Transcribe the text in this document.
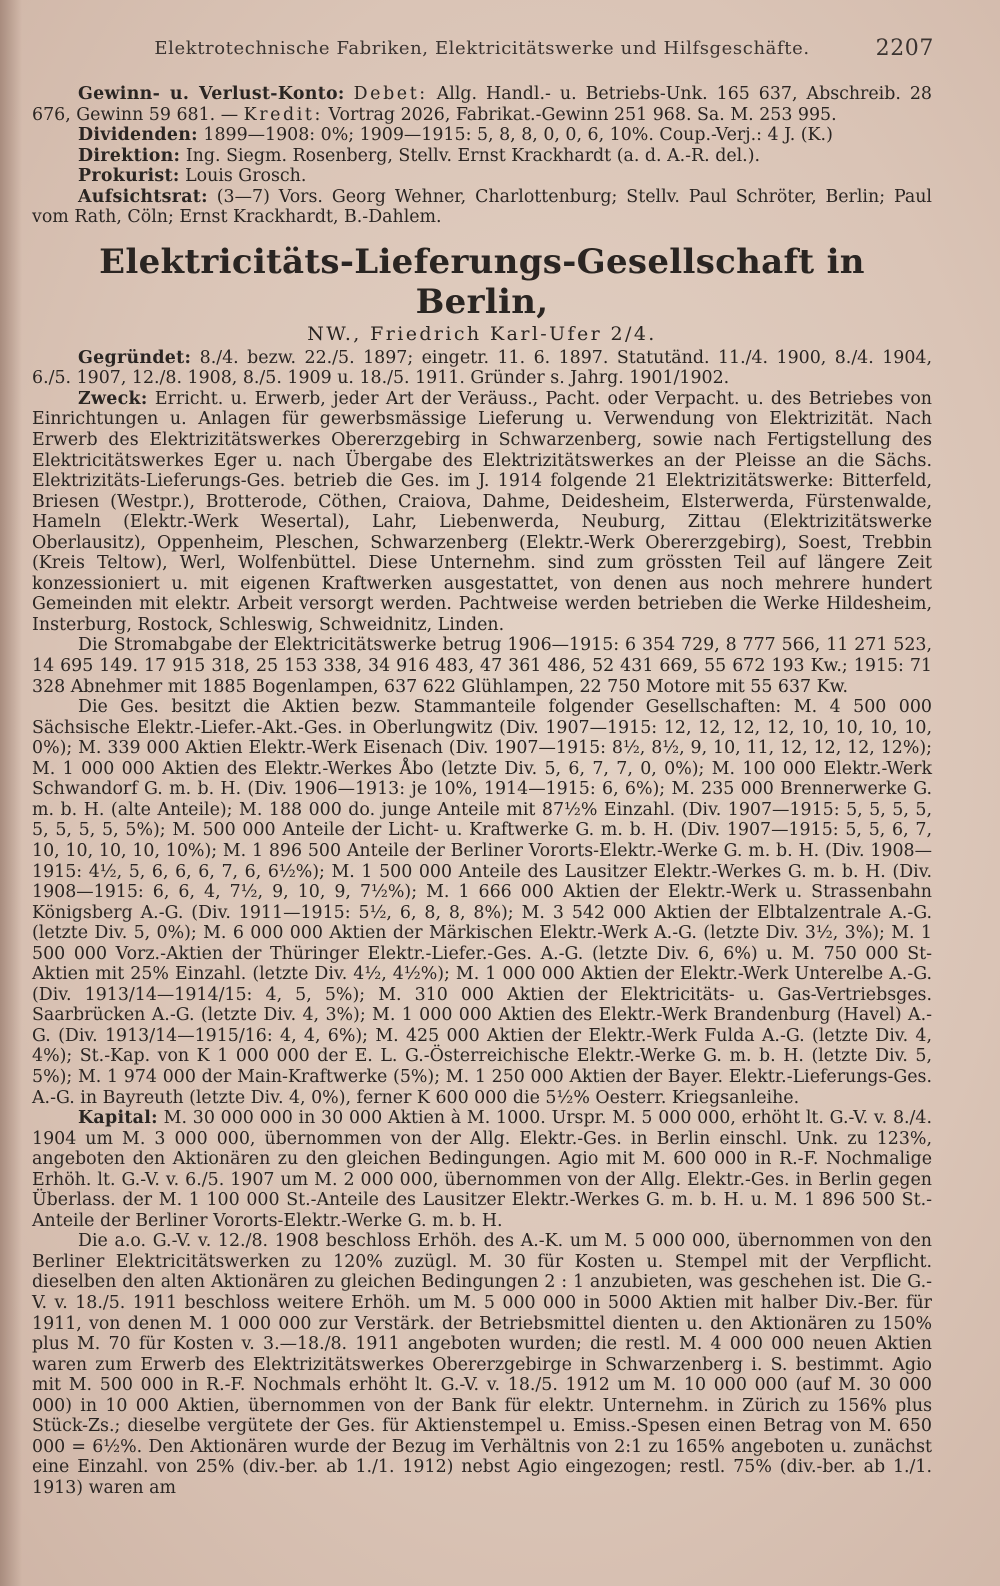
Elektrotechnische Fabriken, Elektricitätswerke und Hilfsgeschäfte.	2207

Gewinn- u. Verlust-Konto: Debet: Allg. Handl.- u. Betriebs-Unk. 165 637, Abschreib. 28 676, Gewinn 59 681. — Kredit: Vortrag 2026, Fabrikat.-Gewinn 251 968. Sa. M. 253 995.

Dividenden: 1899—1908: 0%; 1909—1915: 5, 8, 8, 0, 0, 6, 10%. Coup.-Verj.: 4 J. (K.)

Direktion: Ing. Siegm. Rosenberg, Stellv. Ernst Krackhardt (a. d. A.-R. del.).

Prokurist: Louis Grosch.

Aufsichtsrat: (3—7) Vors. Georg Wehner, Charlottenburg; Stellv. Paul Schröter, Berlin; Paul vom Rath, Cöln; Ernst Krackhardt, B.-Dahlem.

Elektricitäts-Lieferungs-Gesellschaft in Berlin,
NW., Friedrich Karl-Ufer 2/4.

Gegründet: 8./4. bezw. 22./5. 1897; eingetr. 11. 6. 1897. Statutänd. 11./4. 1900, 8./4. 1904, 6./5. 1907, 12./8. 1908, 8./5. 1909 u. 18./5. 1911. Gründer s. Jahrg. 1901/1902.

Zweck: Erricht. u. Erwerb, jeder Art der Veräuss., Pacht. oder Verpacht. u. des Betriebes von Einrichtungen u. Anlagen für gewerbsmässige Lieferung u. Verwendung von Elektrizität. Nach Erwerb des Elektrizitätswerkes Obererzgebirg in Schwarzenberg, sowie nach Fertigstellung des Elektricitätswerkes Eger u. nach Übergabe des Elektrizitätswerkes an der Pleisse an die Sächs. Elektrizitäts-Lieferungs-Ges. betrieb die Ges. im J. 1914 folgende 21 Elektrizitätswerke: Bitterfeld, Briesen (Westpr.), Brotterode, Cöthen, Craiova, Dahme, Deidesheim, Elsterwerda, Fürstenwalde, Hameln (Elektr.-Werk Wesertal), Lahr, Liebenwerda, Neuburg, Zittau (Elektrizitätswerke Oberlausitz), Oppenheim, Pleschen, Schwarzenberg (Elektr.-Werk Obererzgebirg), Soest, Trebbin (Kreis Teltow), Werl, Wolfenbüttel. Diese Unternehm. sind zum grössten Teil auf längere Zeit konzessioniert u. mit eigenen Kraftwerken ausgestattet, von denen aus noch mehrere hundert Gemeinden mit elektr. Arbeit versorgt werden. Pachtweise werden betrieben die Werke Hildesheim, Insterburg, Rostock, Schleswig, Schweidnitz, Linden.

Die Stromabgabe der Elektricitätswerke betrug 1906—1915: 6 354 729, 8 777 566, 11 271 523, 14 695 149. 17 915 318, 25 153 338, 34 916 483, 47 361 486, 52 431 669, 55 672 193 Kw.; 1915: 71 328 Abnehmer mit 1885 Bogenlampen, 637 622 Glühlampen, 22 750 Motore mit 55 637 Kw.

Die Ges. besitzt die Aktien bezw. Stammanteile folgender Gesellschaften: M. 4 500 000 Sächsische Elektr.-Liefer.-Akt.-Ges. in Oberlungwitz (Div. 1907—1915: 12, 12, 12, 12, 10, 10, 10, 10, 0%); M. 339 000 Aktien Elektr.-Werk Eisenach (Div. 1907—1915: 8½, 8½, 9, 10, 11, 12, 12, 12, 12%); M. 1 000 000 Aktien des Elektr.-Werkes Åbo (letzte Div. 5, 6, 7, 7, 0, 0%); M. 100 000 Elektr.-Werk Schwandorf G. m. b. H. (Div. 1906—1913: je 10%, 1914—1915: 6, 6%); M. 235 000 Brennerwerke G. m. b. H. (alte Anteile); M. 188 000 do. junge Anteile mit 87½% Einzahl. (Div. 1907—1915: 5, 5, 5, 5, 5, 5, 5, 5, 5%); M. 500 000 Anteile der Licht- u. Kraftwerke G. m. b. H. (Div. 1907—1915: 5, 5, 6, 7, 10, 10, 10, 10, 10%); M. 1 896 500 Anteile der Berliner Vororts-Elektr.-Werke G. m. b. H. (Div. 1908—1915: 4½, 5, 6, 6, 6, 7, 6, 6½%); M. 1 500 000 Anteile des Lausitzer Elektr.-Werkes G. m. b. H. (Div. 1908—1915: 6, 6, 4, 7½, 9, 10, 9, 7½%); M. 1 666 000 Aktien der Elektr.-Werk u. Strassenbahn Königsberg A.-G. (Div. 1911—1915: 5½, 6, 8, 8, 8%); M. 3 542 000 Aktien der Elbtalzentrale A.-G. (letzte Div. 5, 0%); M. 6 000 000 Aktien der Märkischen Elektr.-Werk A.-G. (letzte Div. 3½, 3%); M. 1 500 000 Vorz.-Aktien der Thüringer Elektr.-Liefer.-Ges. A.-G. (letzte Div. 6, 6%) u. M. 750 000 St-Aktien mit 25% Einzahl. (letzte Div. 4½, 4½%); M. 1 000 000 Aktien der Elektr.-Werk Unterelbe A.-G. (Div. 1913/14—1914/15: 4, 5, 5%); M. 310 000 Aktien der Elektricitäts- u. Gas-Vertriebsges. Saarbrücken A.-G. (letzte Div. 4, 3%); M. 1 000 000 Aktien des Elektr.-Werk Brandenburg (Havel) A.-G. (Div. 1913/14—1915/16: 4, 4, 6%); M. 425 000 Aktien der Elektr.-Werk Fulda A.-G. (letzte Div. 4, 4%); St.-Kap. von K 1 000 000 der E. L. G.-Österreichische Elektr.-Werke G. m. b. H. (letzte Div. 5, 5%); M. 1 974 000 der Main-Kraftwerke (5%); M. 1 250 000 Aktien der Bayer. Elektr.-Lieferungs-Ges. A.-G. in Bayreuth (letzte Div. 4, 0%), ferner K 600 000 die 5½% Oesterr. Kriegsanleihe.

Kapital: M. 30 000 000 in 30 000 Aktien à M. 1000. Urspr. M. 5 000 000, erhöht lt. G.-V. v. 8./4. 1904 um M. 3 000 000, übernommen von der Allg. Elektr.-Ges. in Berlin einschl. Unk. zu 123%, angeboten den Aktionären zu den gleichen Bedingungen. Agio mit M. 600 000 in R.-F. Nochmalige Erhöh. lt. G.-V. v. 6./5. 1907 um M. 2 000 000, übernommen von der Allg. Elektr.-Ges. in Berlin gegen Überlass. der M. 1 100 000 St.-Anteile des Lausitzer Elektr.-Werkes G. m. b. H. u. M. 1 896 500 St.-Anteile der Berliner Vororts-Elektr.-Werke G. m. b. H.

Die a.o. G.-V. v. 12./8. 1908 beschloss Erhöh. des A.-K. um M. 5 000 000, übernommen von den Berliner Elektricitätswerken zu 120% zuzügl. M. 30 für Kosten u. Stempel mit der Verpflicht. dieselben den alten Aktionären zu gleichen Bedingungen 2 : 1 anzubieten, was geschehen ist. Die G.-V. v. 18./5. 1911 beschloss weitere Erhöh. um M. 5 000 000 in 5000 Aktien mit halber Div.-Ber. für 1911, von denen M. 1 000 000 zur Verstärk. der Betriebsmittel dienten u. den Aktionären zu 150% plus M. 70 für Kosten v. 3.—18./8. 1911 angeboten wurden; die restl. M. 4 000 000 neuen Aktien waren zum Erwerb des Elektrizitätswerkes Obererzgebirge in Schwarzenberg i. S. bestimmt. Agio mit M. 500 000 in R.-F. Nochmals erhöht lt. G.-V. v. 18./5. 1912 um M. 10 000 000 (auf M. 30 000 000) in 10 000 Aktien, übernommen von der Bank für elektr. Unternehm. in Zürich zu 156% plus Stück-Zs.; dieselbe vergütete der Ges. für Aktienstempel u. Emiss.-Spesen einen Betrag von M. 650 000 = 6½%. Den Aktionären wurde der Bezug im Verhältnis von 2:1 zu 165% angeboten u. zunächst eine Einzahl. von 25% (div.-ber. ab 1./1. 1912) nebst Agio eingezogen; restl. 75% (div.-ber. ab 1./1. 1913) waren am
